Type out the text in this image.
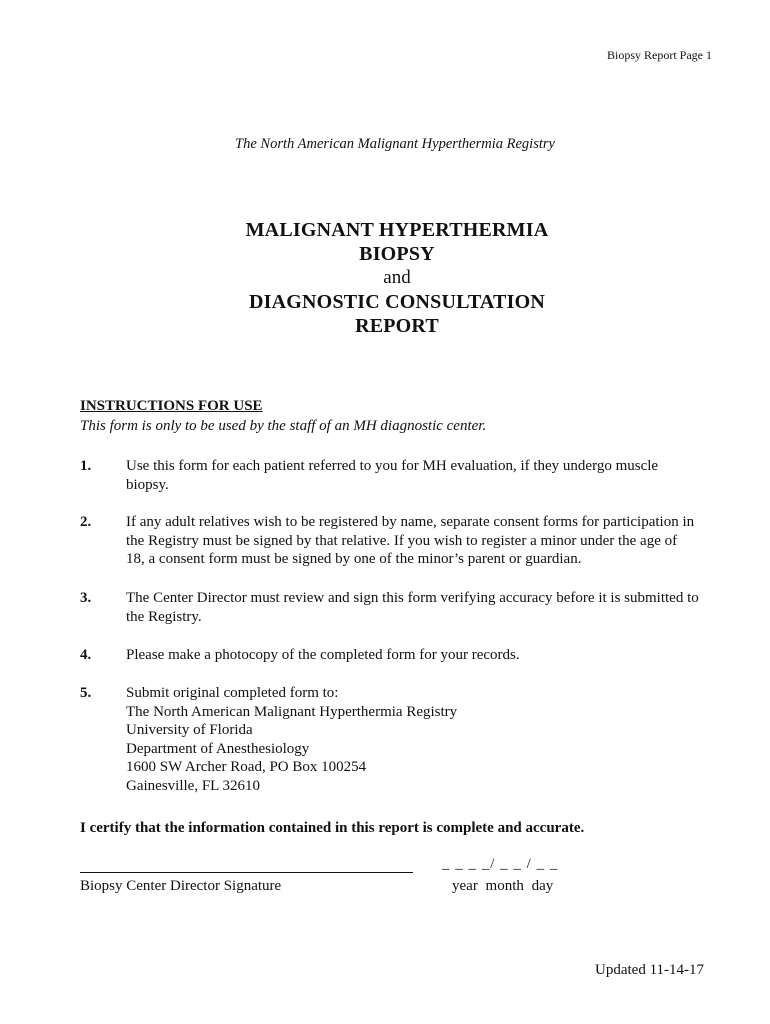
Biopsy Report Page 1
The North American Malignant Hyperthermia Registry
MALIGNANT HYPERTHERMIA
BIOPSY
and
DIAGNOSTIC CONSULTATION
REPORT
INSTRUCTIONS FOR USE
This form is only to be used by the staff of an MH diagnostic center.
1. Use this form for each patient referred to you for MH evaluation, if they undergo muscle
biopsy.
2. If any adult relatives wish to be registered by name, separate consent forms for participation in
the Registry must be signed by that relative. If you wish to register a minor under the age of
18, a consent form must be signed by one of the minor’s parent or guardian.
3. The Center Director must review and sign this form verifying accuracy before it is submitted to
the Registry.
4. Please make a photocopy of the completed form for your records.
5. Submit original completed form to:
The North American Malignant Hyperthermia Registry
University of Florida
Department of Anesthesiology
1600 SW Archer Road, PO Box 100254
Gainesville, FL 32610
I certify that the information contained in this report is complete and accurate.
Biopsy Center Director Signature
_ _ _ _/ _ _ / _ _
year month day
Updated 11-14-17
